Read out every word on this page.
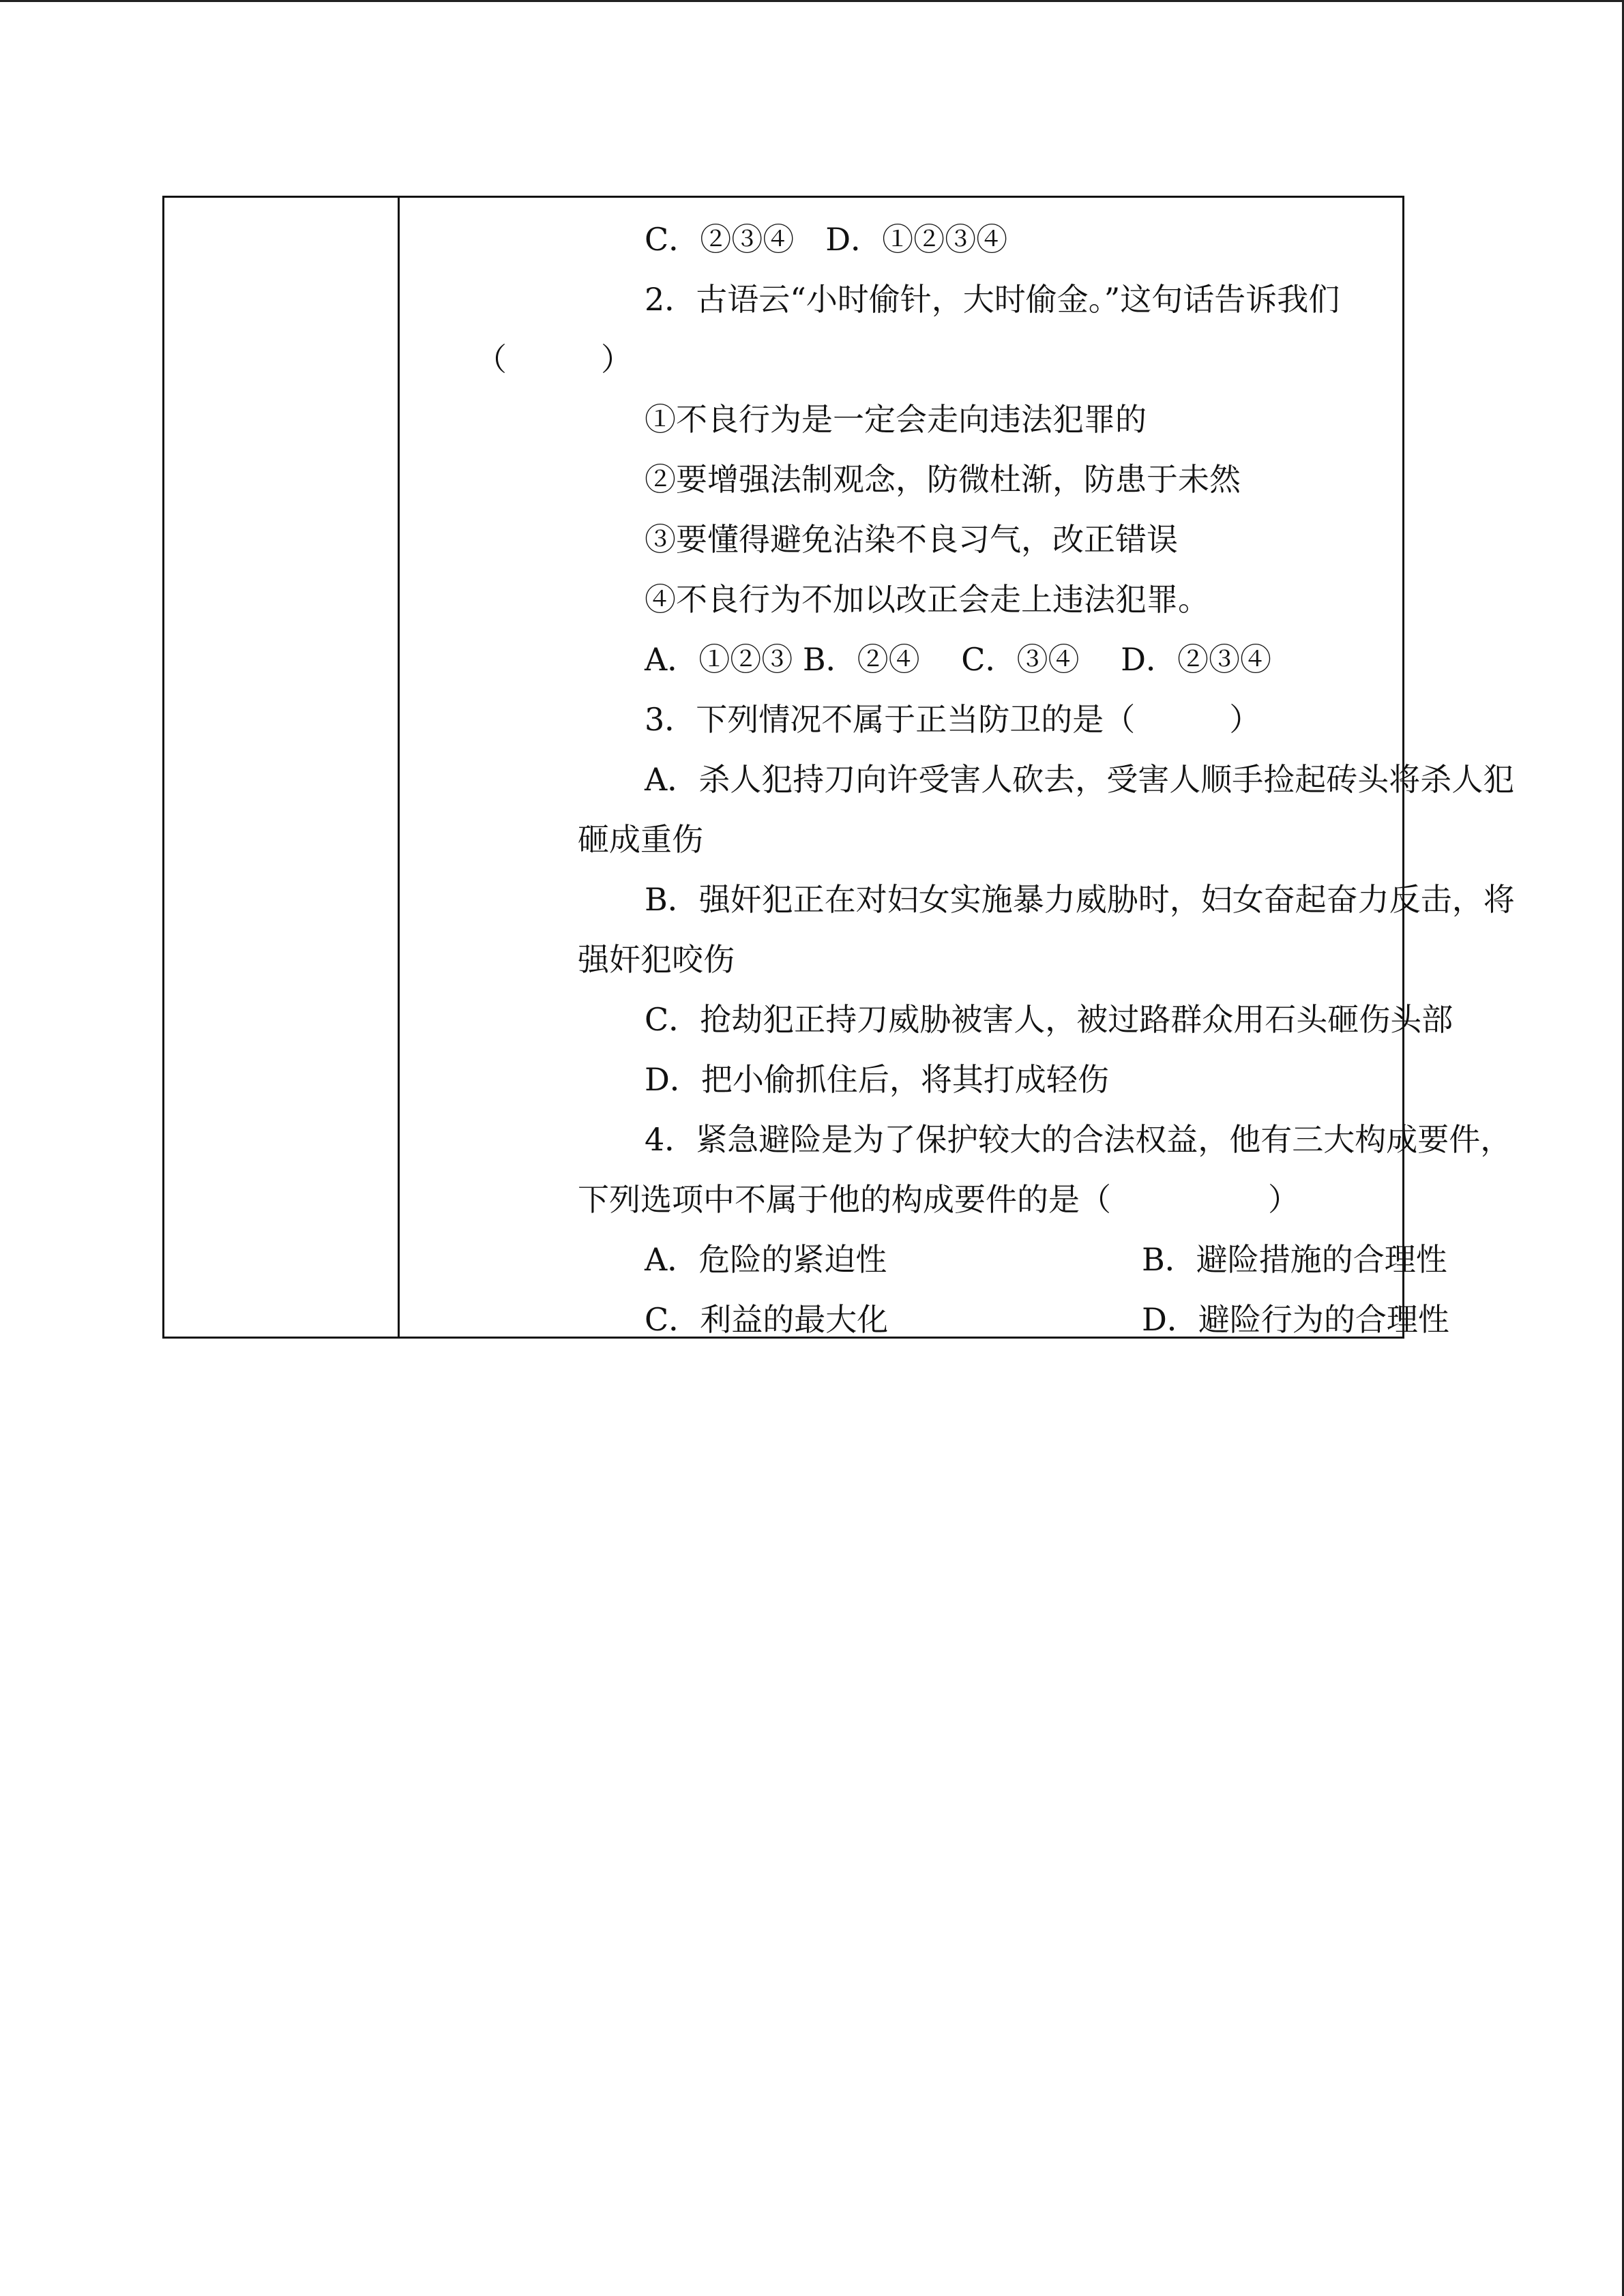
C．②③④　D．①②③④
2．古语云“小时偷针，大时偷金。”这句话告诉我们
（　　　）
①不良行为是一定会走向违法犯罪的
②要增强法制观念，防微杜渐，防患于未然
③要懂得避免沾染不良习气，改正错误
④不良行为不加以改正会走上违法犯罪。
A．①②③ B．②④　 C．③④　 D．②③④
3．下列情况不属于正当防卫的是（　　　）
A．杀人犯持刀向许受害人砍去，受害人顺手捡起砖头将杀人犯
砸成重伤
B．强奸犯正在对妇女实施暴力威胁时，妇女奋起奋力反击，将
强奸犯咬伤
C．抢劫犯正持刀威胁被害人，被过路群众用石头砸伤头部
D．把小偷抓住后，将其打成轻伤
4．紧急避险是为了保护较大的合法权益，他有三大构成要件，
下列选项中不属于他的构成要件的是（　　　　　）
A．危险的紧迫性	B．避险措施的合理性
C．利益的最大化	D．避险行为的合理性
